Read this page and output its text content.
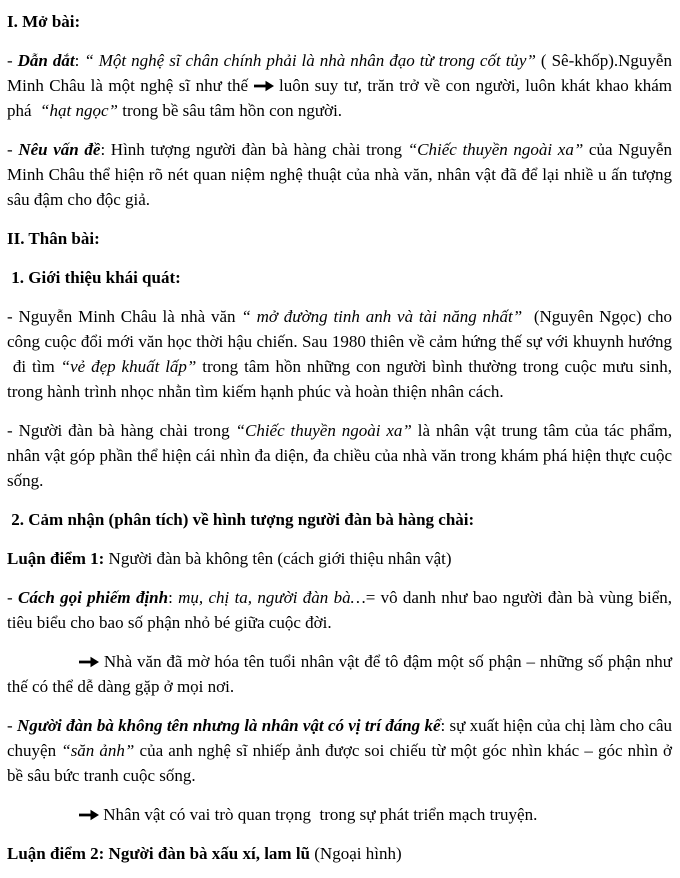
I. Mở bài:

- Dẫn dắt: “ Một nghệ sĩ chân chính phải là nhà nhân đạo từ trong cốt tủy” ( Sê-khốp).Nguyễn Minh Châu là một nghệ sĩ như thế  luôn suy tư, trăn trở về con người, luôn khát khao khám phá  “hạt ngọc” trong bề sâu tâm hồn con người.

- Nêu vấn đề: Hình tượng người đàn bà hàng chài trong “Chiếc thuyền ngoài xa” của Nguyễn Minh Châu thể hiện rõ nét quan niệm nghệ thuật của nhà văn, nhân vật đã để lại nhiề u ấn tượng sâu đậm cho độc giả.

II. Thân bài:

1. Giới thiệu khái quát:

- Nguyễn Minh Châu là nhà văn “ mở đường tinh anh và tài năng nhất”  (Nguyên Ngọc) cho công cuộc đổi mới văn học thời hậu chiến. Sau 1980 thiên về cảm hứng thế sự với khuynh hướng  đi tìm “vẻ đẹp khuất lấp” trong tâm hồn những con người bình thường trong cuộc mưu sinh, trong hành trình nhọc nhằn tìm kiếm hạnh phúc và hoàn thiện nhân cách.

- Người đàn bà hàng chài trong “Chiếc thuyền ngoài xa” là nhân vật trung tâm của tác phẩm, nhân vật góp phần thể hiện cái nhìn đa diện, đa chiều của nhà văn trong khám phá hiện thực cuộc sống.

2. Cảm nhận (phân tích) về hình tượng người đàn bà hàng chài:

Luận điểm 1: Người đàn bà không tên (cách giới thiệu nhân vật)

- Cách gọi phiếm định: mụ, chị ta, người đàn bà…= vô danh như bao người đàn bà vùng biển, tiêu biểu cho bao số phận nhỏ bé giữa cuộc đời.

Nhà văn đã mờ hóa tên tuổi nhân vật để tô đậm một số phận – những số phận như thế có thể dễ dàng gặp ở mọi nơi.

- Người đàn bà không tên nhưng là nhân vật có vị trí đáng kể: sự xuất hiện của chị làm cho câu chuyện “săn ảnh” của anh nghệ sĩ nhiếp ảnh được soi chiếu từ một góc nhìn khác – góc nhìn ở bề sâu bức tranh cuộc sống.

Nhân vật có vai trò quan trọng  trong sự phát triển mạch truyện.

Luận điểm 2: Người đàn bà xấu xí, lam lũ (Ngoại hình)
